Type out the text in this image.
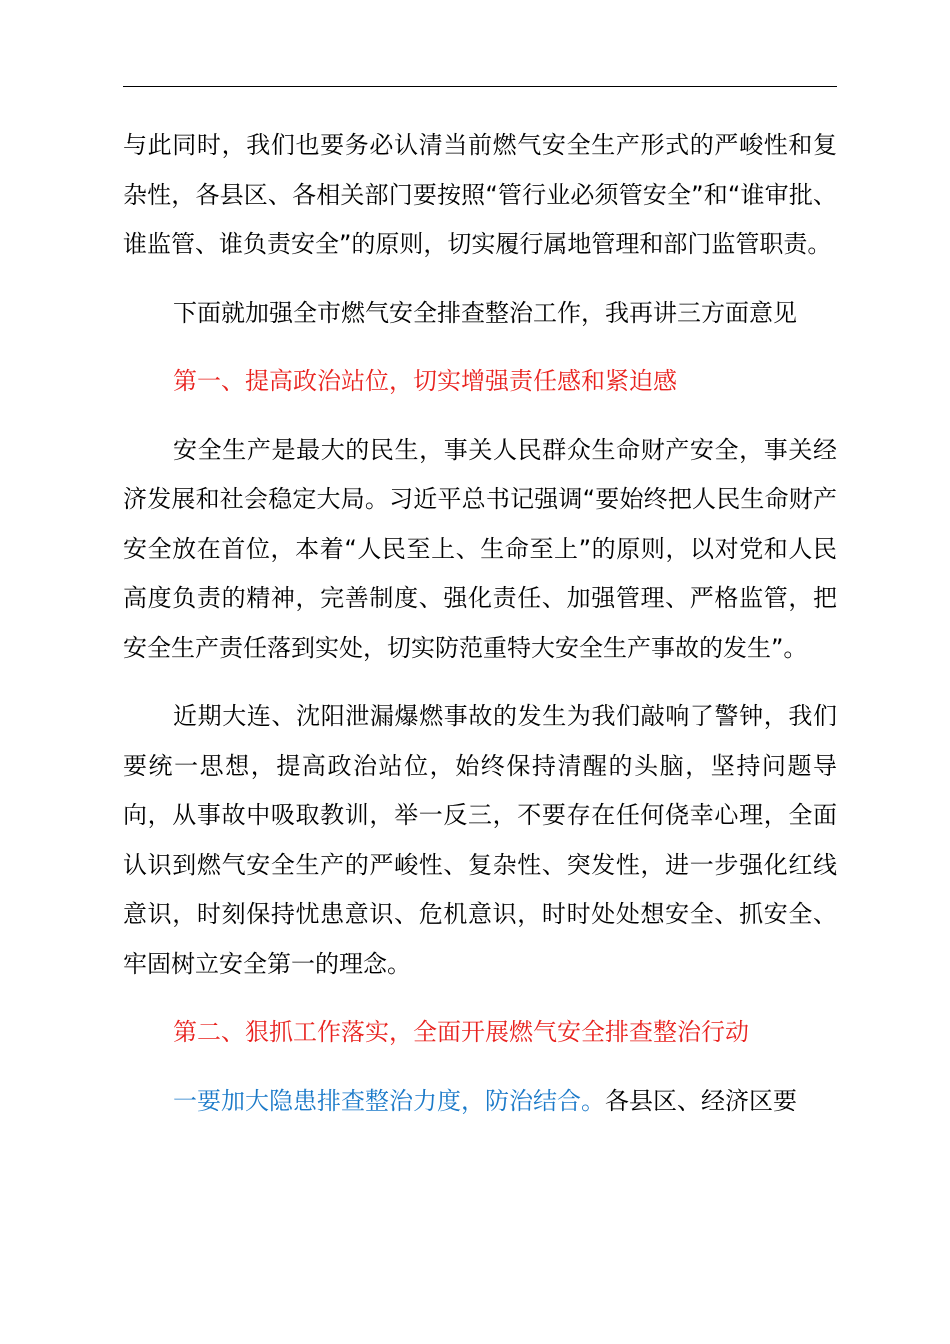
与此同时，我们也要务必认清当前燃气安全生产形式的严峻性和复杂性，各县区、各相关部门要按照“管行业必须管安全”和“谁审批、谁监管、谁负责安全”的原则，切实履行属地管理和部门监管职责。

下面就加强全市燃气安全排查整治工作，我再讲三方面意见

第一、提高政治站位，切实增强责任感和紧迫感

安全生产是最大的民生，事关人民群众生命财产安全，事关经济发展和社会稳定大局。习近平总书记强调“要始终把人民生命财产安全放在首位，本着“人民至上、生命至上”的原则，以对党和人民高度负责的精神，完善制度、强化责任、加强管理、严格监管，把安全生产责任落到实处，切实防范重特大安全生产事故的发生”。

近期大连、沈阳泄漏爆燃事故的发生为我们敲响了警钟，我们要统一思想，提高政治站位，始终保持清醒的头脑，坚持问题导向，从事故中吸取教训，举一反三，不要存在任何侥幸心理，全面认识到燃气安全生产的严峻性、复杂性、突发性，进一步强化红线意识，时刻保持忧患意识、危机意识，时时处处想安全、抓安全、牢固树立安全第一的理念。

第二、狠抓工作落实，全面开展燃气安全排查整治行动

一要加大隐患排查整治力度，防治结合。各县区、经济区要
